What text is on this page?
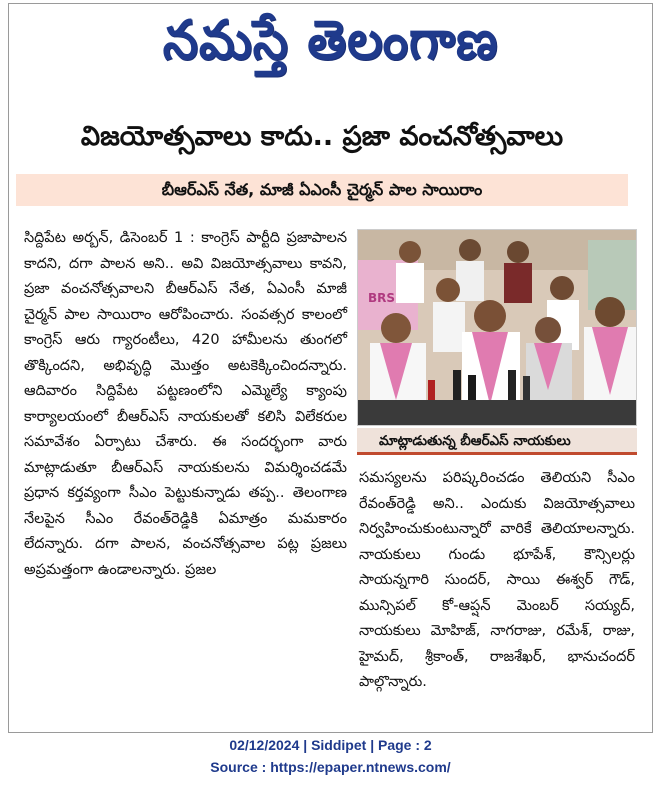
నమస్తే తెలంగాణ
విజయోత్సవాలు కాదు.. ప్రజా వంచనోత్సవాలు
బీఆర్ఎస్ నేత, మాజీ ఏఎంసీ చైర్మన్ పాల సాయిరాం
సిద్దిపేట అర్బన్, డిసెంబర్ 1 : కాంగ్రెస్ పార్టీది ప్రజాపాలన కాదని, దగా పాలన అని.. అవి విజయోత్సవాలు కావని, ప్రజా వంచనోత్సవాలని బీఆర్ఎస్ నేత, ఏఎంసీ మాజీ చైర్మన్ పాల సాయిరాం ఆరోపించారు. సంవత్సర కాలంలో కాంగ్రెస్ ఆరు గ్యారంటీలు, 420 హామీలను తుంగలో తొక్కిందని, అభివృద్ధి మొత్తం అటకెక్కించిందన్నారు. ఆదివారం సిద్దిపేట పట్టణంలోని ఎమ్మెల్యే క్యాంపు కార్యాలయంలో బీఆర్ఎస్ నాయకులతో కలిసి విలేకరుల సమావేశం ఏర్పాటు చేశారు. ఈ సందర్భంగా వారు మాట్లాడుతూ బీఆర్ఎస్ నాయకులను విమర్శించడమే ప్రధాన కర్తవ్యంగా సీఎం పెట్టుకున్నాడు తప్ప.. తెలంగాణ నేలపైన సీఎం రేవంత్‌రెడ్డికి ఏమాత్రం మమకారం లేదన్నారు. దగా పాలన, వంచనోత్సవాల పట్ల ప్రజలు అప్రమత్తంగా ఉండాలన్నారు. ప్రజల
BRS
మాట్లాడుతున్న బీఆర్ఎస్ నాయకులు
సమస్యలను పరిష్కరించడం తెలియని సీఎం రేవంత్‌రెడ్డి అని.. ఎందుకు విజయోత్సవాలు నిర్వహించుకుంటున్నారో వారికే తెలియాలన్నారు. నాయకులు గుండు భూపేశ్, కౌన్సిలర్లు సాయన్నగారి సుందర్, సాయి ఈశ్వర్ గౌడ్, మున్సిపల్ కో-ఆప్షన్ మెంబర్ సయ్యద్, నాయకులు మోహిజ్, నాగరాజు, రమేశ్, రాజు, హైమద్, శ్రీకాంత్, రాజశేఖర్, భానుచందర్ పాల్గొన్నారు.
02/12/2024 | Siddipet | Page : 2
Source : https://epaper.ntnews.com/
